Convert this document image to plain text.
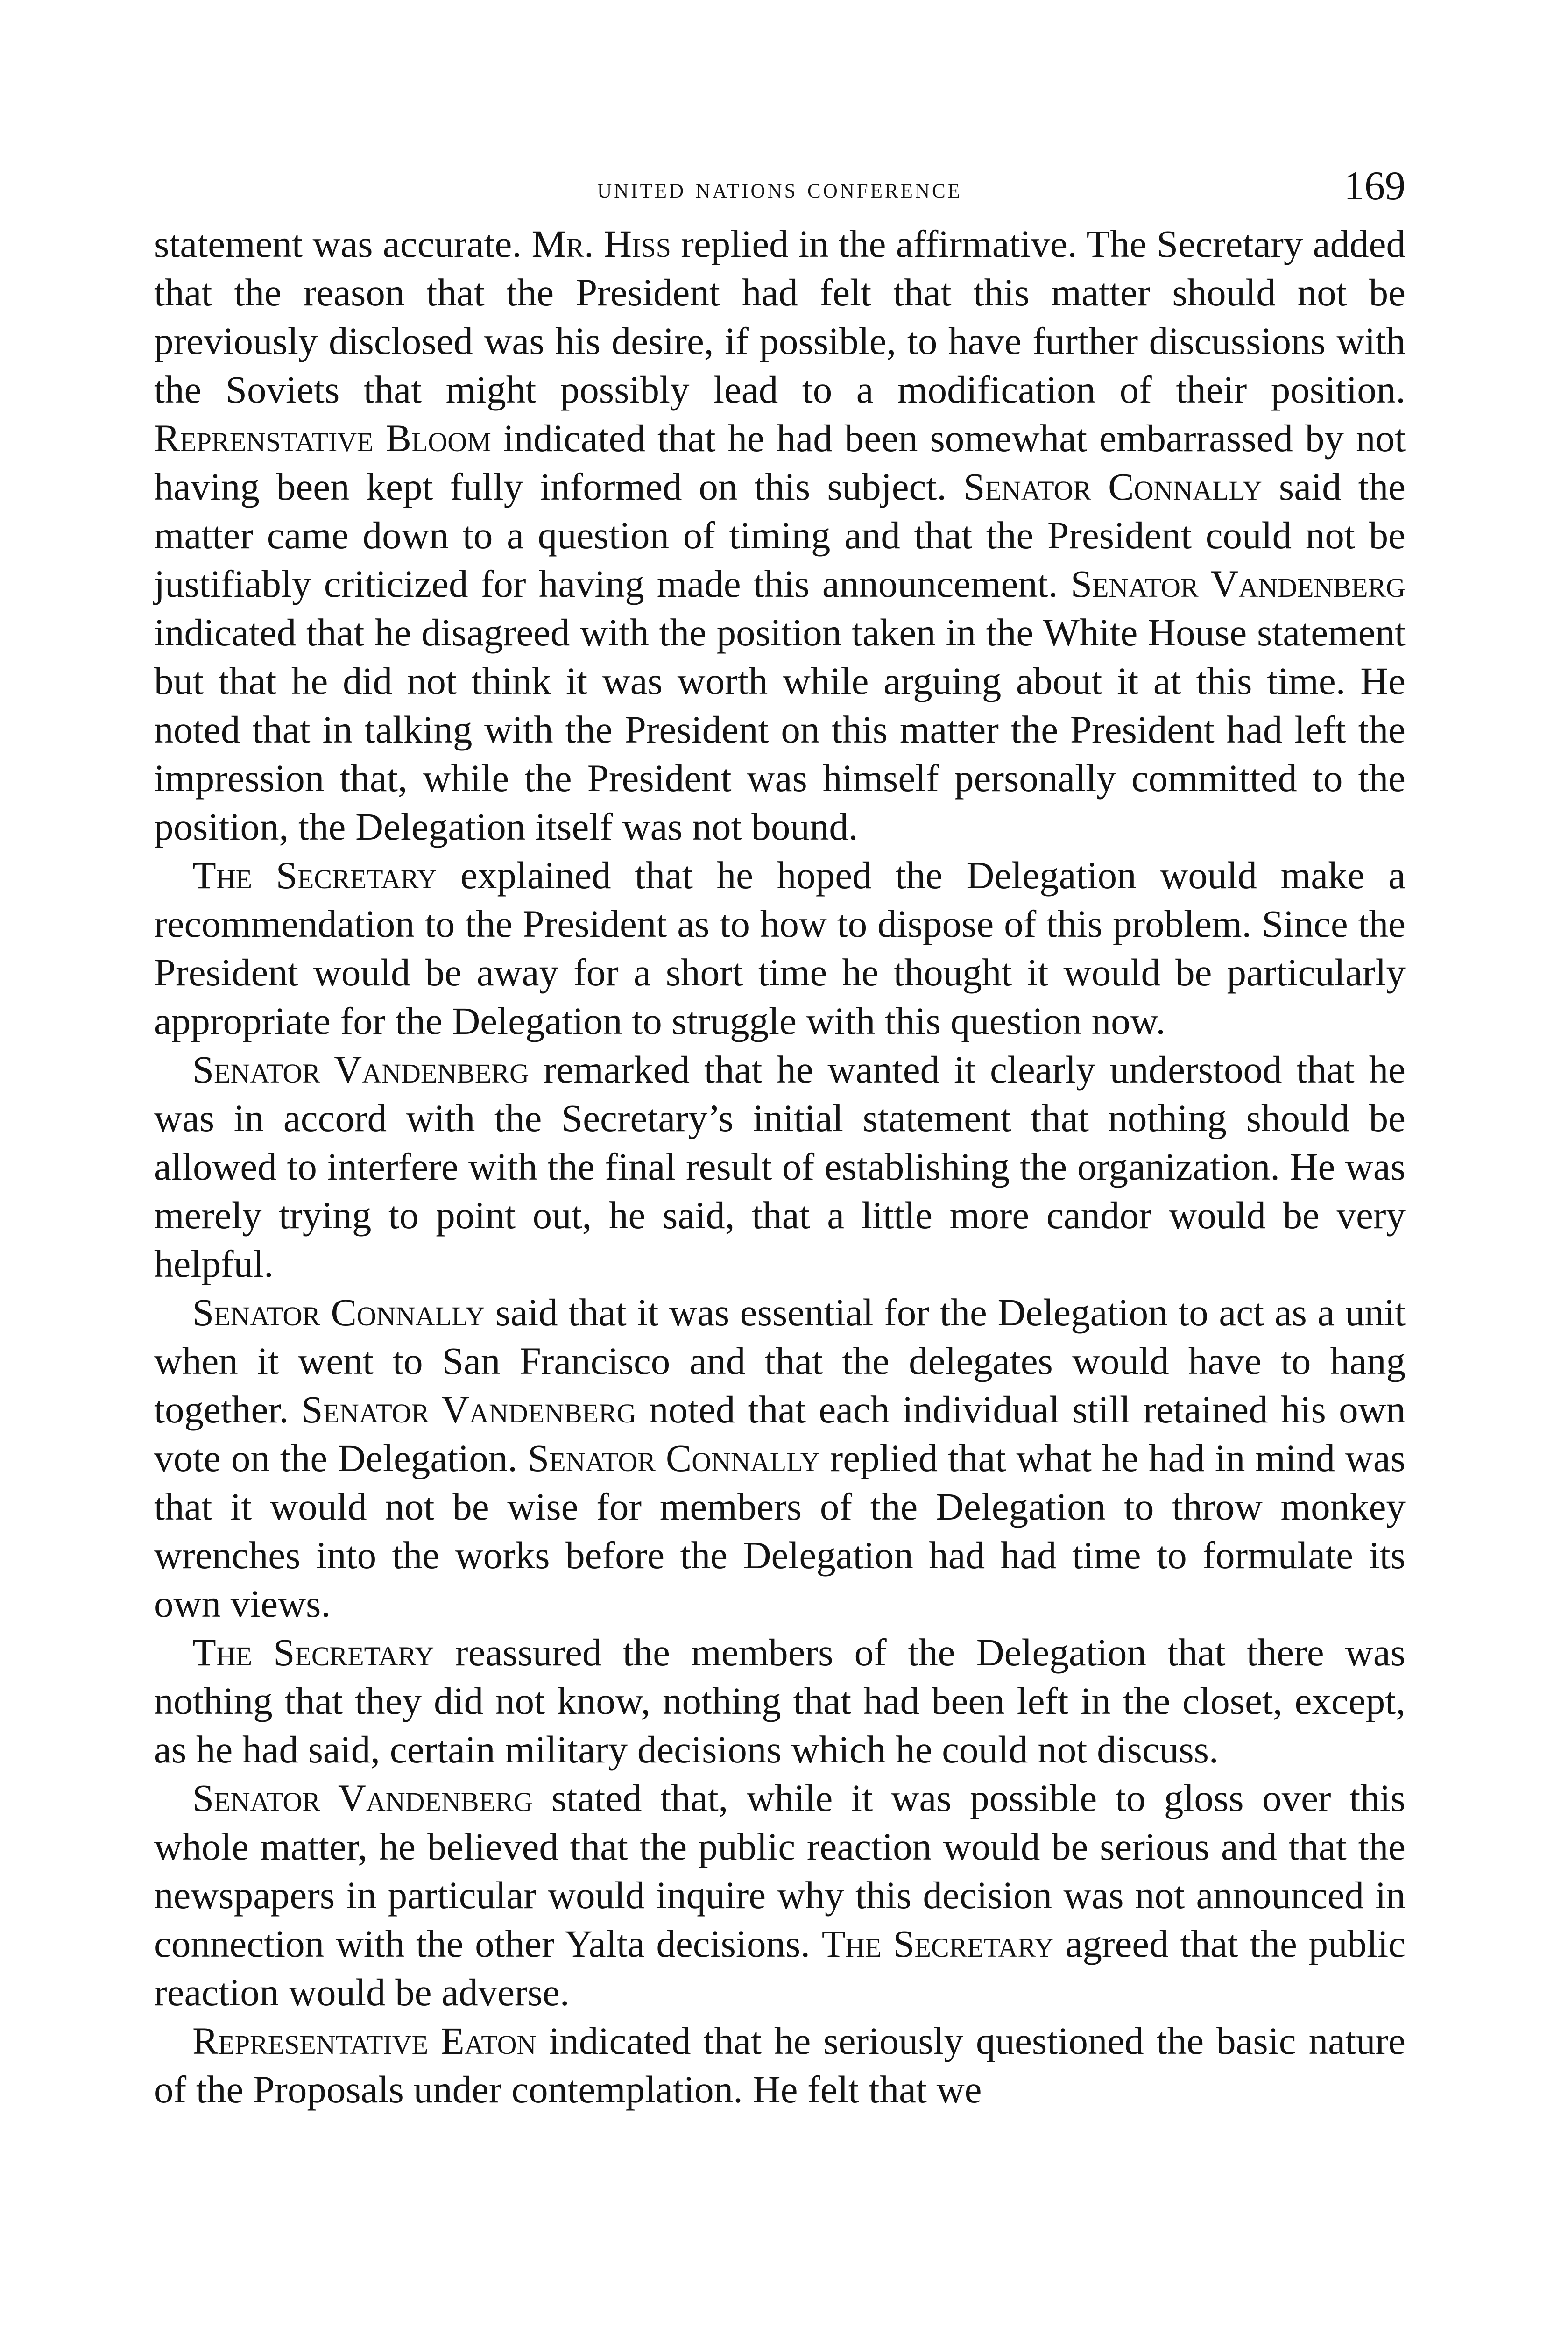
united nations conference	169

statement was accurate. Mr. Hiss replied in the affirmative. The Secretary added that the reason that the President had felt that this matter should not be previously disclosed was his desire, if possible, to have further discussions with the Soviets that might possibly lead to a modification of their position. Reprenstative Bloom indicated that he had been somewhat embarrassed by not having been kept fully informed on this subject. Senator Connally said the matter came down to a question of timing and that the President could not be justifiably criticized for having made this announcement. Senator Vandenberg indicated that he disagreed with the position taken in the White House statement but that he did not think it was worth while arguing about it at this time. He noted that in talking with the President on this matter the President had left the impression that, while the President was himself personally committed to the position, the Delegation itself was not bound.

The Secretary explained that he hoped the Delegation would make a recommendation to the President as to how to dispose of this problem. Since the President would be away for a short time he thought it would be particularly appropriate for the Delegation to struggle with this question now.

Senator Vandenberg remarked that he wanted it clearly understood that he was in accord with the Secretary’s initial statement that nothing should be allowed to interfere with the final result of establishing the organization. He was merely trying to point out, he said, that a little more candor would be very helpful.

Senator Connally said that it was essential for the Delegation to act as a unit when it went to San Francisco and that the delegates would have to hang together. Senator Vandenberg noted that each individual still retained his own vote on the Delegation. Senator Connally replied that what he had in mind was that it would not be wise for members of the Delegation to throw monkey wrenches into the works before the Delegation had had time to formulate its own views.

The Secretary reassured the members of the Delegation that there was nothing that they did not know, nothing that had been left in the closet, except, as he had said, certain military decisions which he could not discuss.

Senator Vandenberg stated that, while it was possible to gloss over this whole matter, he believed that the public reaction would be serious and that the newspapers in particular would inquire why this decision was not announced in connection with the other Yalta decisions. The Secretary agreed that the public reaction would be adverse.

Representative Eaton indicated that he seriously questioned the basic nature of the Proposals under contemplation. He felt that we
